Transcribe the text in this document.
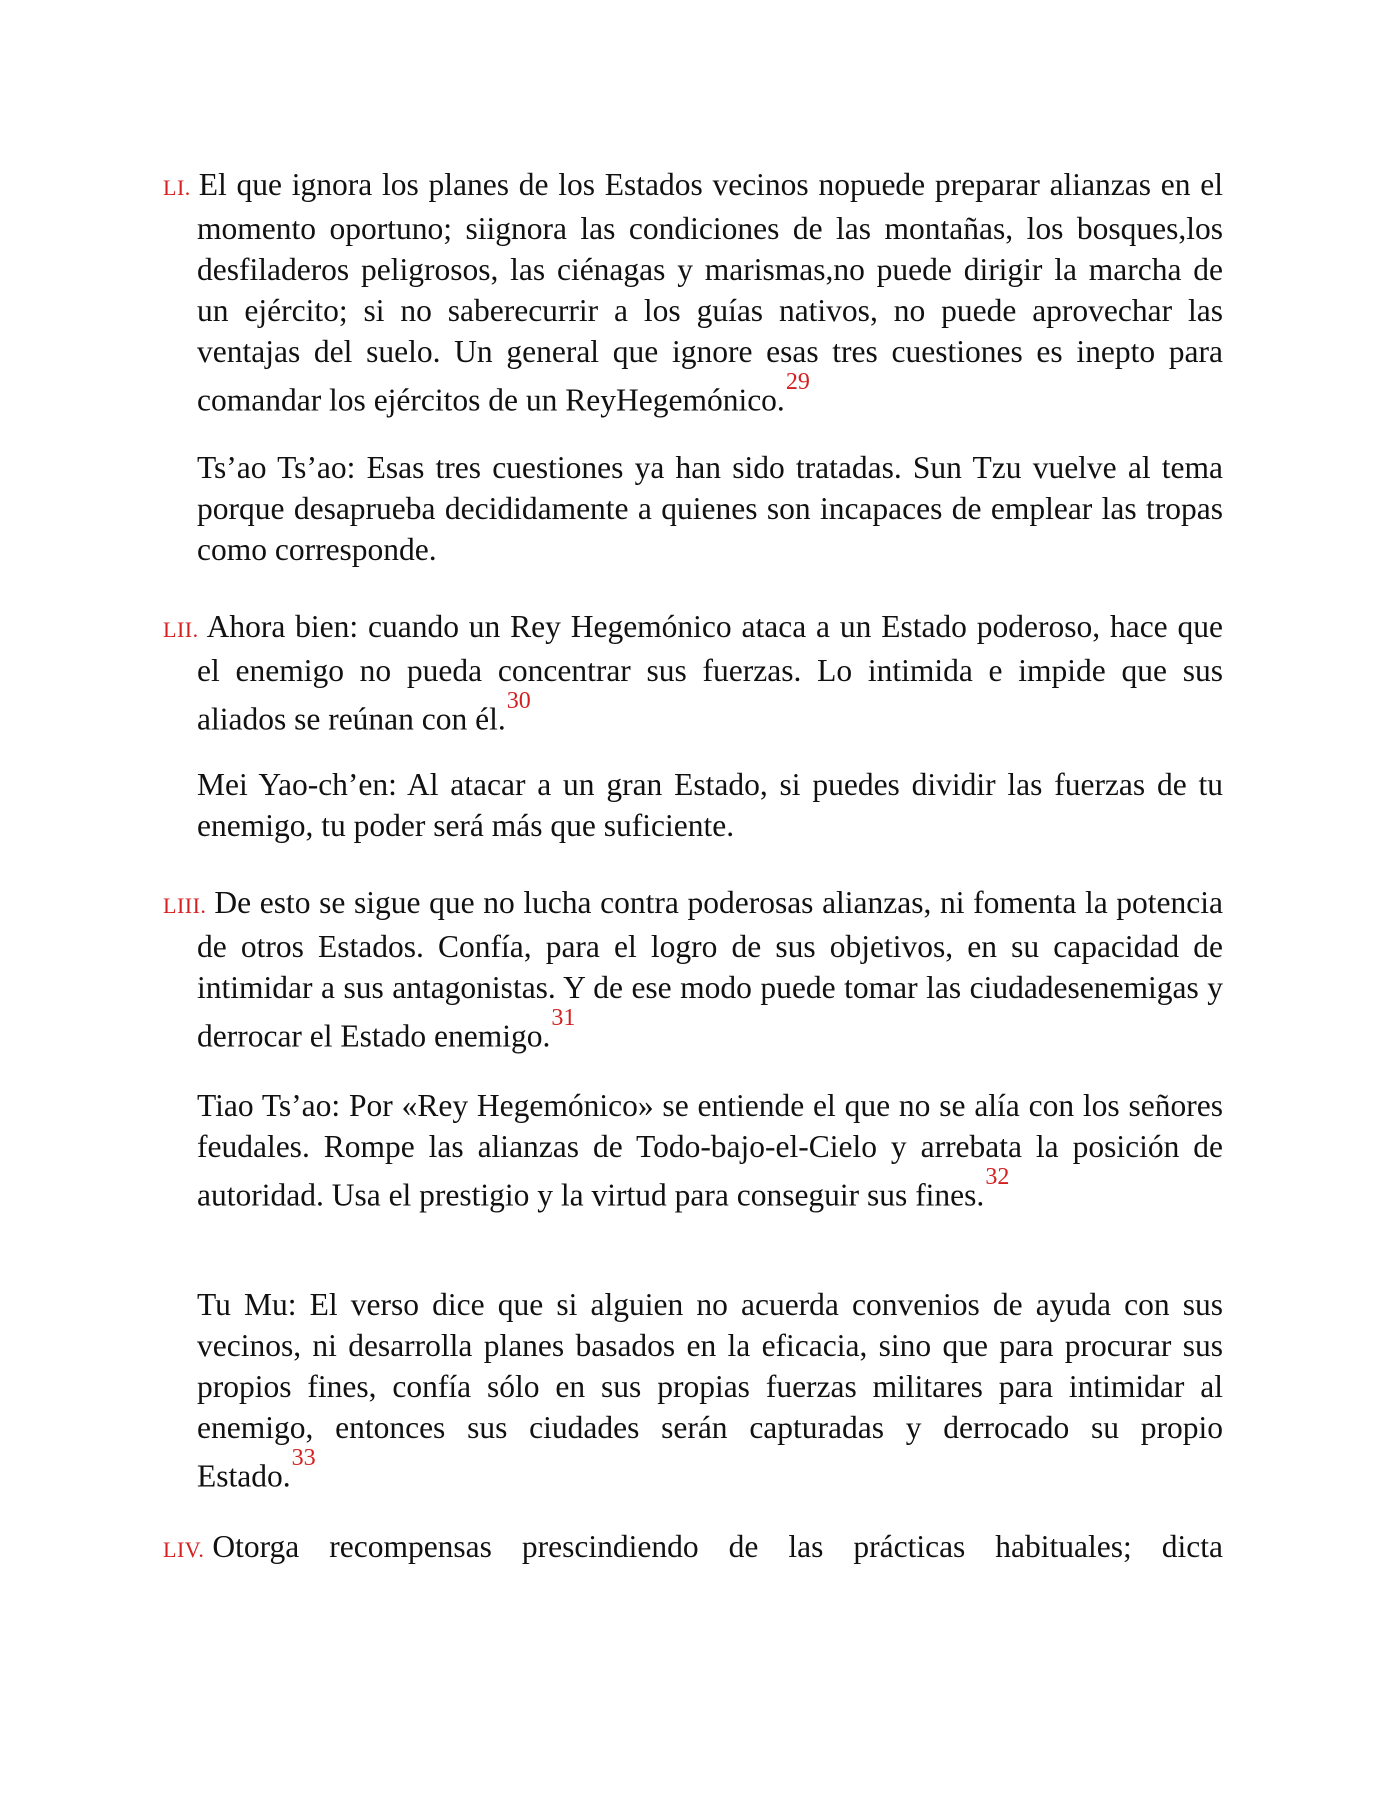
LI. El que ignora los planes de los Estados vecinos nopuede preparar alianzas en el momento oportuno; siignora las condiciones de las montañas, los bosques,los desfiladeros peligrosos, las ciénagas y marismas,no puede dirigir la marcha de un ejército; si no saberecurrir a los guías nativos, no puede aprovechar las ventajas del suelo. Un general que ignore esas tres cuestiones es inepto para comandar los ejércitos de un ReyHegemónico.$^{29}$

Ts’ao Ts’ao: Esas tres cuestiones ya han sido tratadas. Sun Tzu vuelve al tema porque desaprueba decididamente a quienes son incapaces de emplear las tropas como corresponde.

LII. Ahora bien: cuando un Rey Hegemónico ataca a un Estado poderoso, hace que el enemigo no pueda concentrar sus fuerzas. Lo intimida e impide que sus aliados se reúnan con él.$^{30}$

Mei Yao-ch’en: Al atacar a un gran Estado, si puedes dividir las fuerzas de tu enemigo, tu poder será más que suficiente.

LIII. De esto se sigue que no lucha contra poderosas alianzas, ni fomenta la potencia de otros Estados. Confía, para el logro de sus objetivos, en su capacidad de intimidar a sus antagonistas. Y de ese modo puede tomar las ciudadesenemigas y derrocar el Estado enemigo.$^{31}$

Tiao Ts’ao: Por «Rey Hegemónico» se entiende el que no se alía con los señores feudales. Rompe las alianzas de Todo-bajo-el-Cielo y arrebata la posición de autoridad. Usa el prestigio y la virtud para conseguir sus fines.$^{32}$

Tu Mu: El verso dice que si alguien no acuerda convenios de ayuda con sus vecinos, ni desarrolla planes basados en la eficacia, sino que para procurar sus propios fines, confía sólo en sus propias fuerzas militares para intimidar al enemigo, entonces sus ciudades serán capturadas y derrocado su propio Estado.$^{33}$

LIV. Otorga recompensas prescindiendo de las prácticas habituales; dicta
